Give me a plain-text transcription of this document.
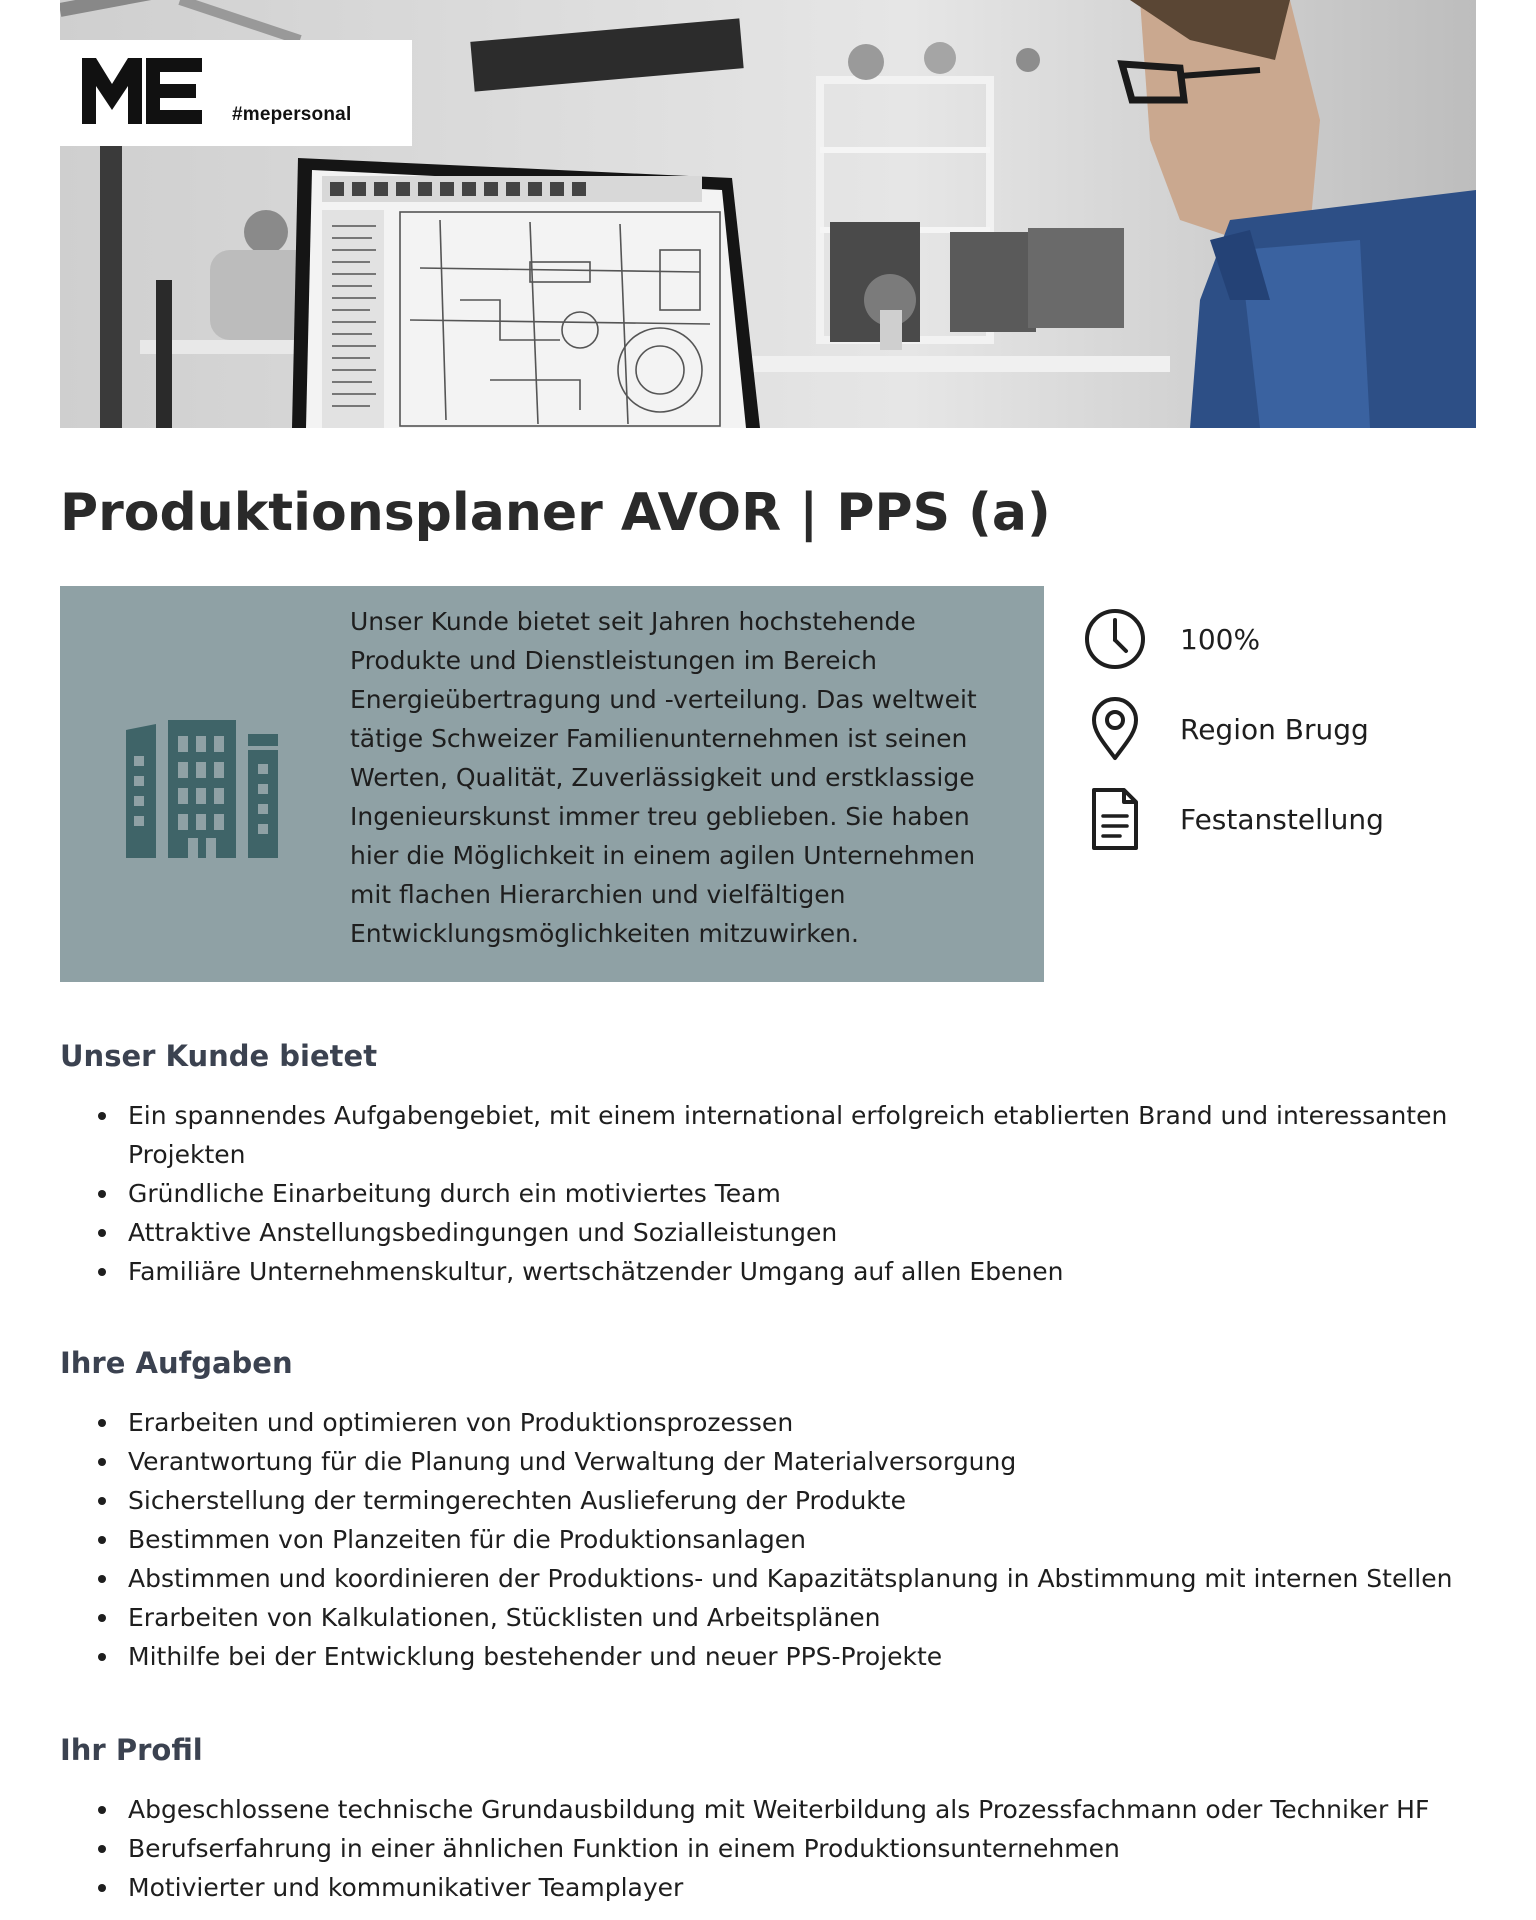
#mepersonal
Produktionsplaner AVOR | PPS (a)

Unser Kunde bietet seit Jahren hochstehende Produkte und Dienstleistungen im Bereich Energieübertragung und -verteilung. Das weltweit tätige Schweizer Familienunternehmen ist seinen Werten, Qualität, Zuverlässigkeit und erstklassige Ingenieurskunst immer treu geblieben. Sie haben hier die Möglichkeit in einem agilen Unternehmen mit flachen Hierarchien und vielfältigen Entwicklungsmöglichkeiten mitzuwirken.

100%
Region Brugg
Festanstellung
Unser Kunde bietet
Ein spannendes Aufgabengebiet, mit einem international erfolgreich etablierten Brand und interessanten Projekten
Gründliche Einarbeitung durch ein motiviertes Team
Attraktive Anstellungsbedingungen und Sozialleistungen
Familiäre Unternehmenskultur, wertschätzender Umgang auf allen Ebenen
Ihre Aufgaben
Erarbeiten und optimieren von Produktionsprozessen
Verantwortung für die Planung und Verwaltung der Materialversorgung
Sicherstellung der termingerechten Auslieferung der Produkte
Bestimmen von Planzeiten für die Produktionsanlagen
Abstimmen und koordinieren der Produktions- und Kapazitätsplanung in Abstimmung mit internen Stellen
Erarbeiten von Kalkulationen, Stücklisten und Arbeitsplänen
Mithilfe bei der Entwicklung bestehender und neuer PPS-Projekte
Ihr Profil
Abgeschlossene technische Grundausbildung mit Weiterbildung als Prozessfachmann oder Techniker HF
Berufserfahrung in einer ähnlichen Funktion in einem Produktionsunternehmen
Motivierter und kommunikativer Teamplayer
